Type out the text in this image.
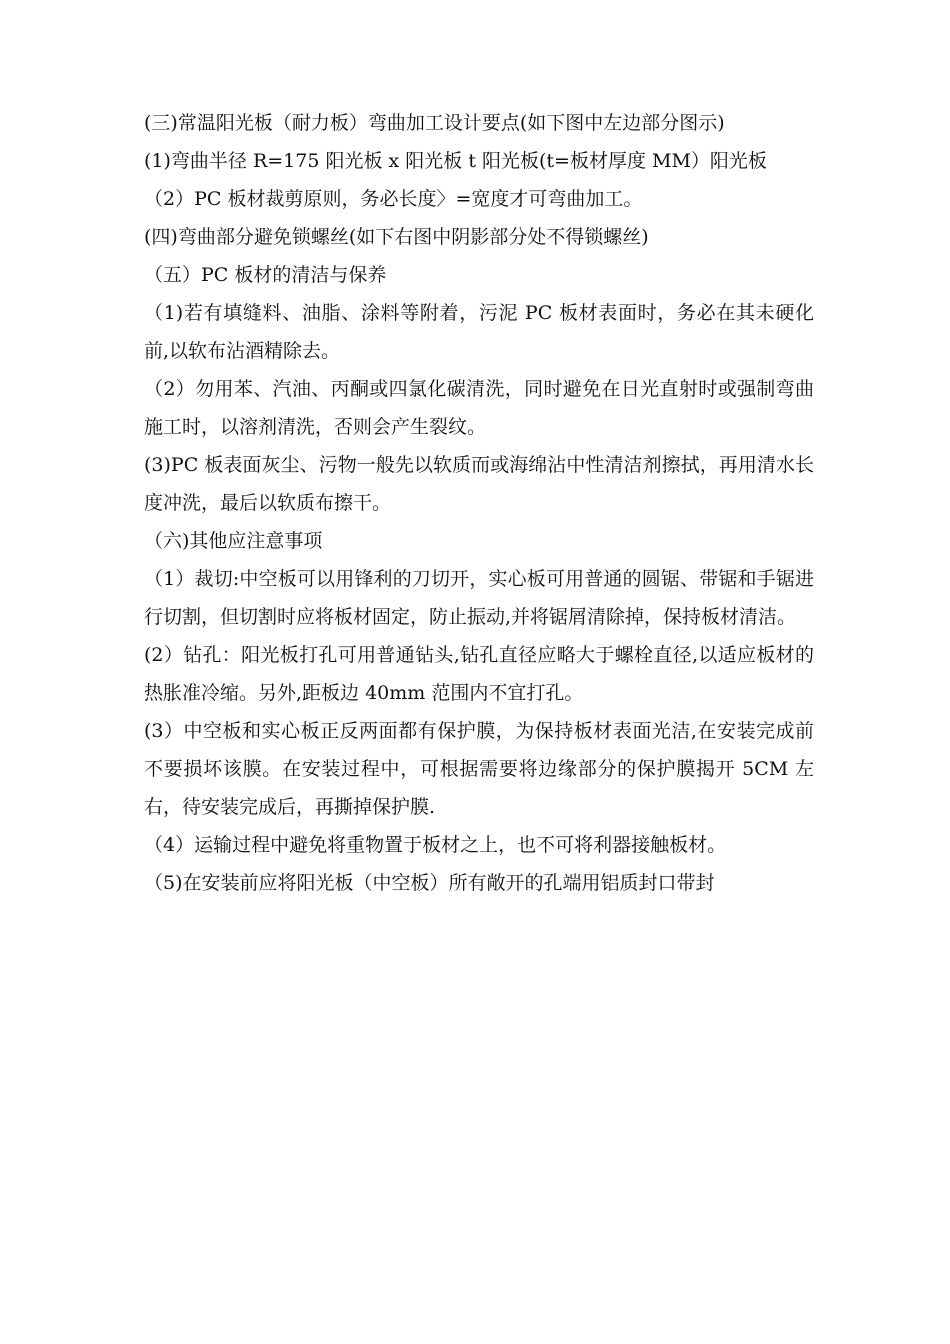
(三)常温阳光板（耐力板）弯曲加工设计要点(如下图中左边部分图示)

(1)弯曲半径 R=175 阳光板 x 阳光板 t 阳光板(t=板材厚度 MM）阳光板

（2）PC 板材裁剪原则，务必长度〉=宽度才可弯曲加工。

(四)弯曲部分避免锁螺丝(如下右图中阴影部分处不得锁螺丝)

（五）PC 板材的清洁与保养

（1)若有填缝料、油脂、涂料等附着，污泥 PC 板材表面时，务必在其未硬化前,以软布沾酒精除去。

（2）勿用苯、汽油、丙酮或四氯化碳清洗，同时避免在日光直射时或强制弯曲施工时，以溶剂清洗，否则会产生裂纹。

(3)PC 板表面灰尘、污物一般先以软质而或海绵沾中性清洁剂擦拭，再用清水长度冲洗，最后以软质布擦干。

（六)其他应注意事项

（1）裁切:中空板可以用锋利的刀切开，实心板可用普通的圆锯、带锯和手锯进行切割，但切割时应将板材固定，防止振动,并将锯屑清除掉，保持板材清洁。

(2）钻孔：阳光板打孔可用普通钻头,钻孔直径应略大于螺栓直径,以适应板材的热胀准冷缩。另外,距板边 40mm 范围内不宜打孔。

(3）中空板和实心板正反两面都有保护膜，为保持板材表面光洁,在安装完成前不要损坏该膜。在安装过程中，可根据需要将边缘部分的保护膜揭开 5CM 左右，待安装完成后，再撕掉保护膜.

（4）运输过程中避免将重物置于板材之上，也不可将利器接触板材。

（5)在安装前应将阳光板（中空板）所有敞开的孔端用铝质封口带封
